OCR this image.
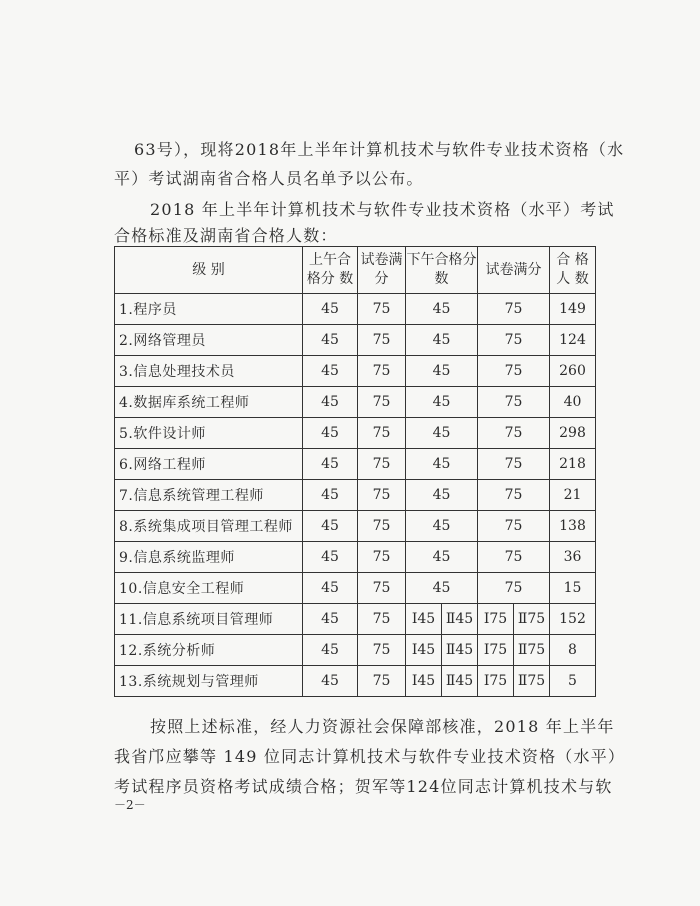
63号），现将2018年上半年计算机技术与软件专业技术资格（水
平）考试湖南省合格人员名单予以公布。
2018 年上半年计算机技术与软件专业技术资格（水平）考试
合格标准及湖南省合格人数：
级 别	上午合格分 数	试卷满分	下午合格分 数		试卷满分		合 格人 数
1.程序员	45	75	45		75		149
2.网络管理员	45	75	45		75		124
3.信息处理技术员	45	75	45		75		260
4.数据库系统工程师	45	75	45		75		40
5.软件设计师	45	75	45		75		298
6.网络工程师	45	75	45		75		218
7.信息系统管理工程师	45	75	45		75		21
8.系统集成项目管理工程师	45	75	45		75		138
9.信息系统监理师	45	75	45		75		36
10.信息安全工程师	45	75	45		75		15
11.信息系统项目管理师	45	75	Ⅰ45	Ⅱ45	Ⅰ75	Ⅱ75	152
12.系统分析师	45	75	Ⅰ45	Ⅱ45	Ⅰ75	Ⅱ75	8
13.系统规划与管理师	45	75	Ⅰ45	Ⅱ45	Ⅰ75	Ⅱ75	5
按照上述标准，经人力资源社会保障部核准，2018 年上半年
我省邝应攀等 149 位同志计算机技术与软件专业技术资格（水平）
考试程序员资格考试成绩合格；贺军等124位同志计算机技术与软
－2－
